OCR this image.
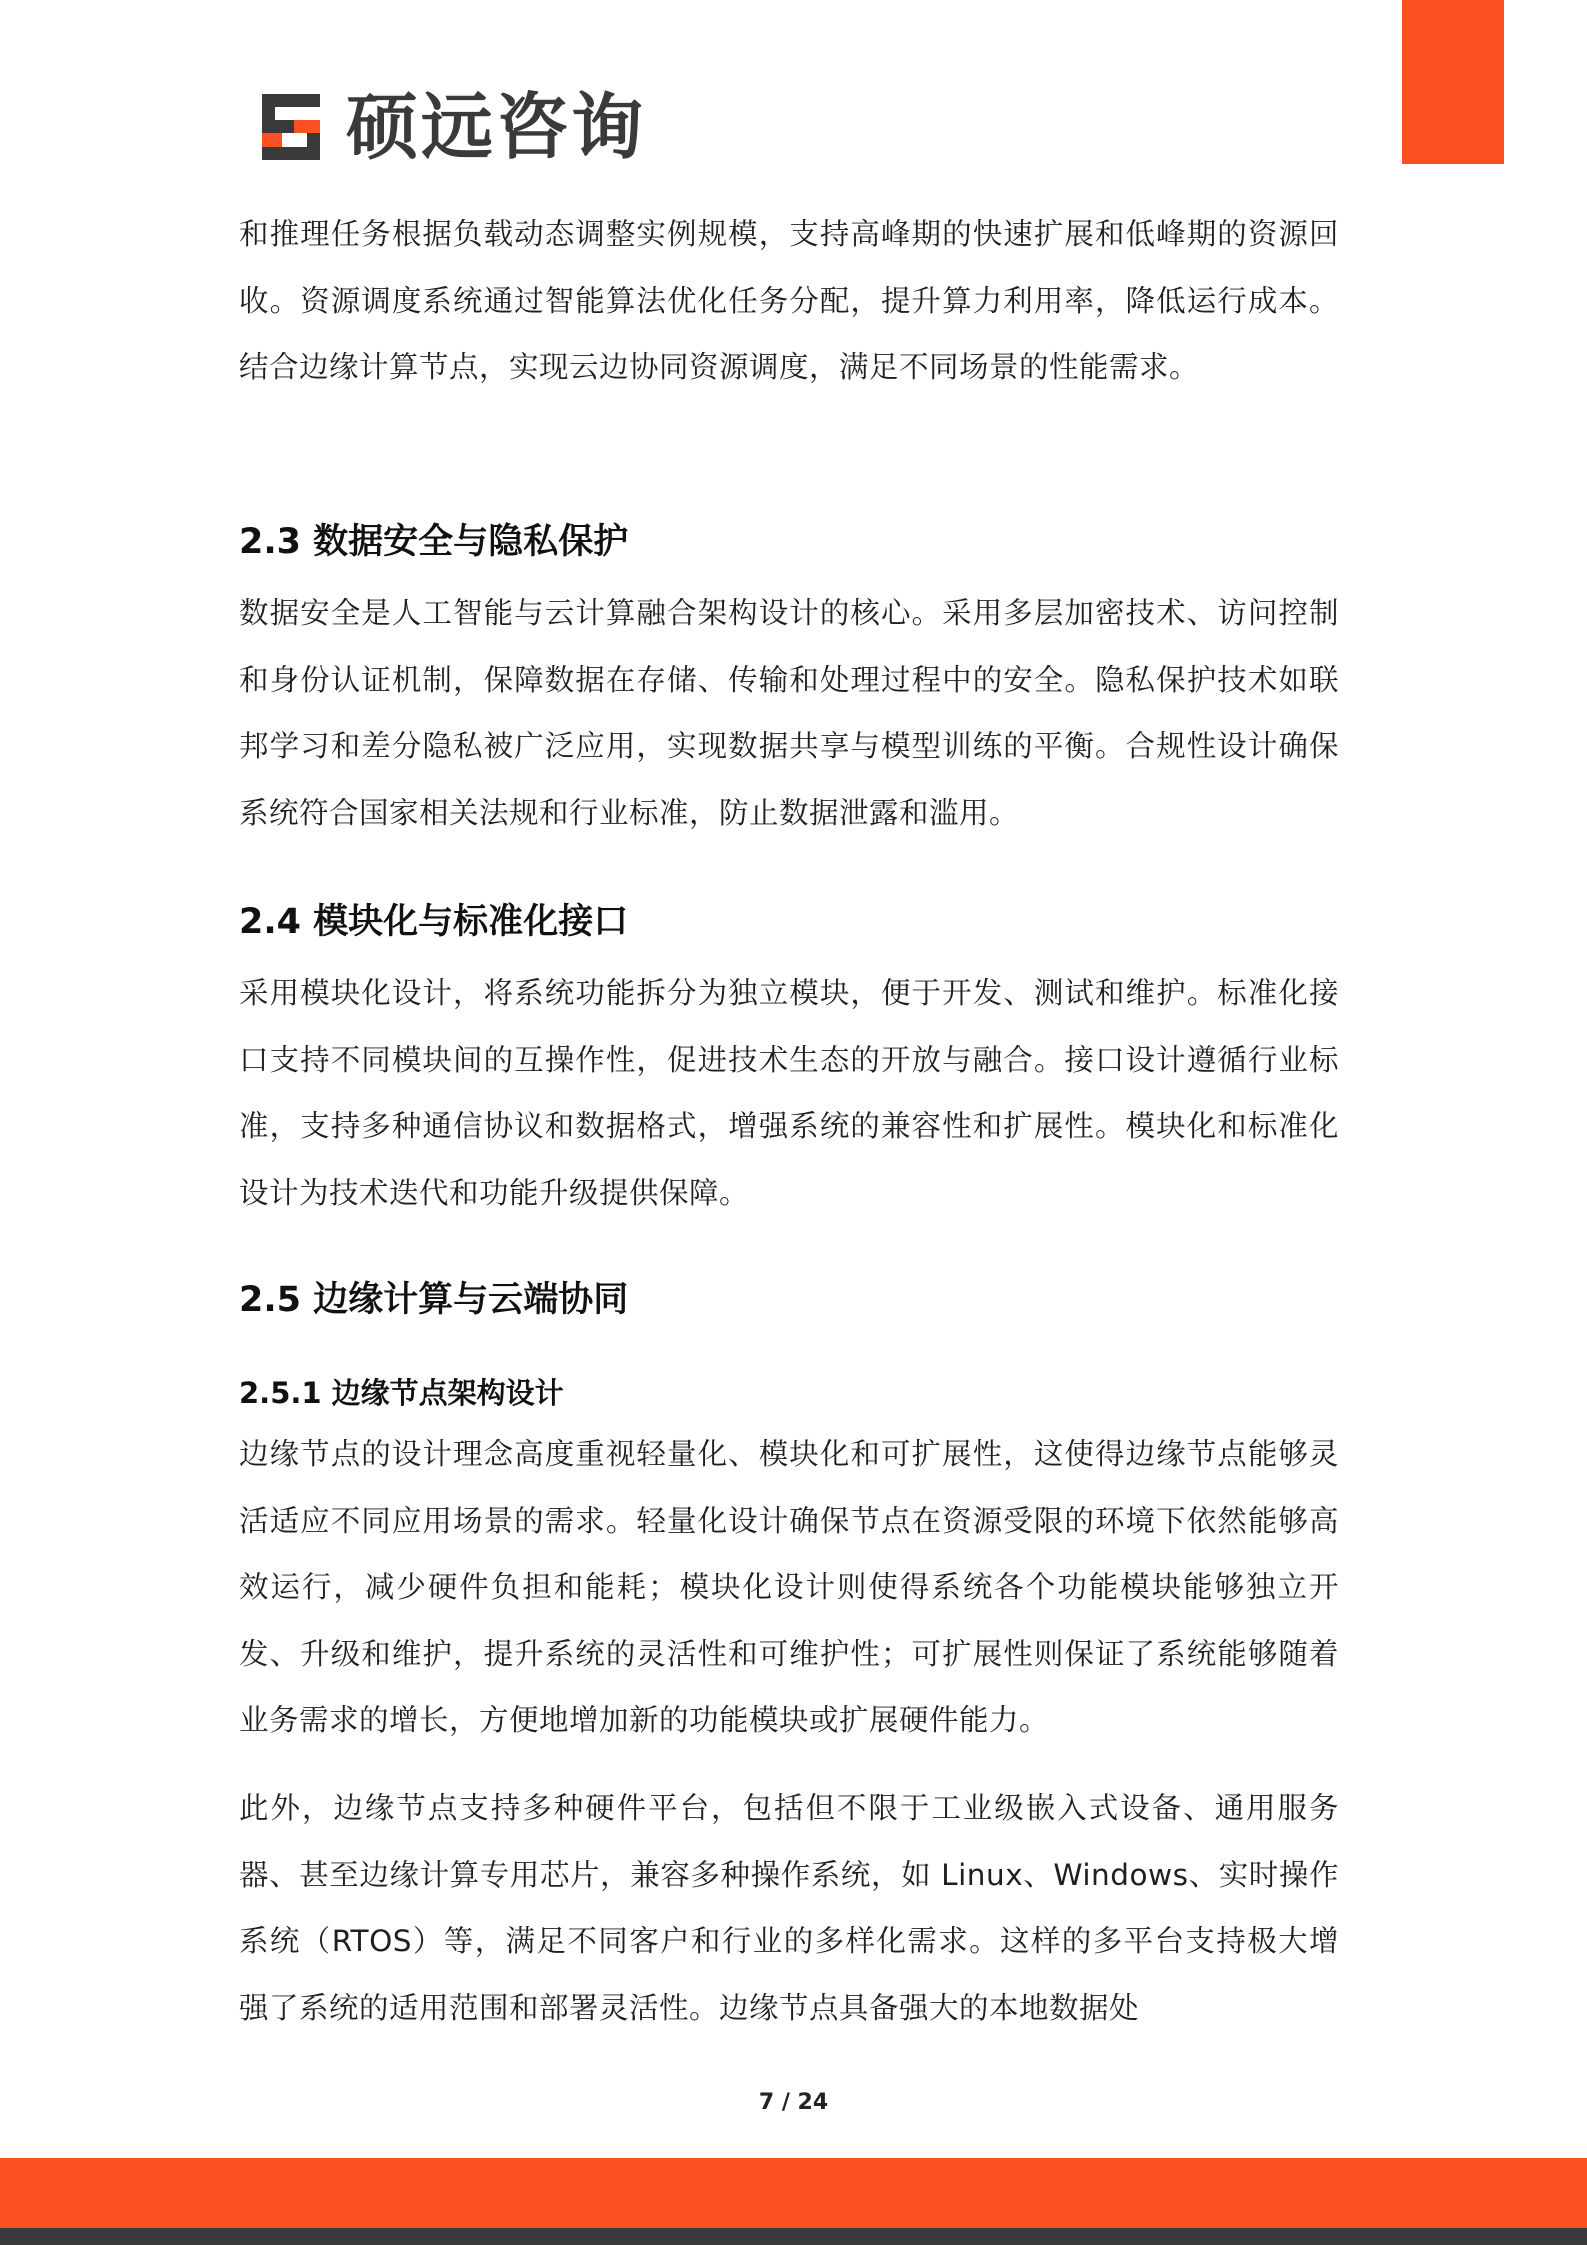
硕远咨询

和推理任务根据负载动态调整实例规模，支持高峰期的快速扩展和低峰期的资源回收。资源调度系统通过智能算法优化任务分配，提升算力利用率，降低运行成本。结合边缘计算节点，实现云边协同资源调度，满足不同场景的性能需求。

2.3 数据安全与隐私保护

数据安全是人工智能与云计算融合架构设计的核心。采用多层加密技术、访问控制和身份认证机制，保障数据在存储、传输和处理过程中的安全。隐私保护技术如联邦学习和差分隐私被广泛应用，实现数据共享与模型训练的平衡。合规性设计确保系统符合国家相关法规和行业标准，防止数据泄露和滥用。

2.4 模块化与标准化接口

采用模块化设计，将系统功能拆分为独立模块，便于开发、测试和维护。标准化接口支持不同模块间的互操作性，促进技术生态的开放与融合。接口设计遵循行业标准，支持多种通信协议和数据格式，增强系统的兼容性和扩展性。模块化和标准化设计为技术迭代和功能升级提供保障。

2.5 边缘计算与云端协同
2.5.1 边缘节点架构设计

边缘节点的设计理念高度重视轻量化、模块化和可扩展性，这使得边缘节点能够灵活适应不同应用场景的需求。轻量化设计确保节点在资源受限的环境下依然能够高效运行，减少硬件负担和能耗；模块化设计则使得系统各个功能模块能够独立开发、升级和维护，提升系统的灵活性和可维护性；可扩展性则保证了系统能够随着业务需求的增长，方便地增加新的功能模块或扩展硬件能力。

此外，边缘节点支持多种硬件平台，包括但不限于工业级嵌入式设备、通用服务器、甚至边缘计算专用芯片，兼容多种操作系统，如 Linux、Windows、实时操作系统（RTOS）等，满足不同客户和行业的多样化需求。这样的多平台支持极大增强了系统的适用范围和部署灵活性。边缘节点具备强大的本地数据处

7 / 24
